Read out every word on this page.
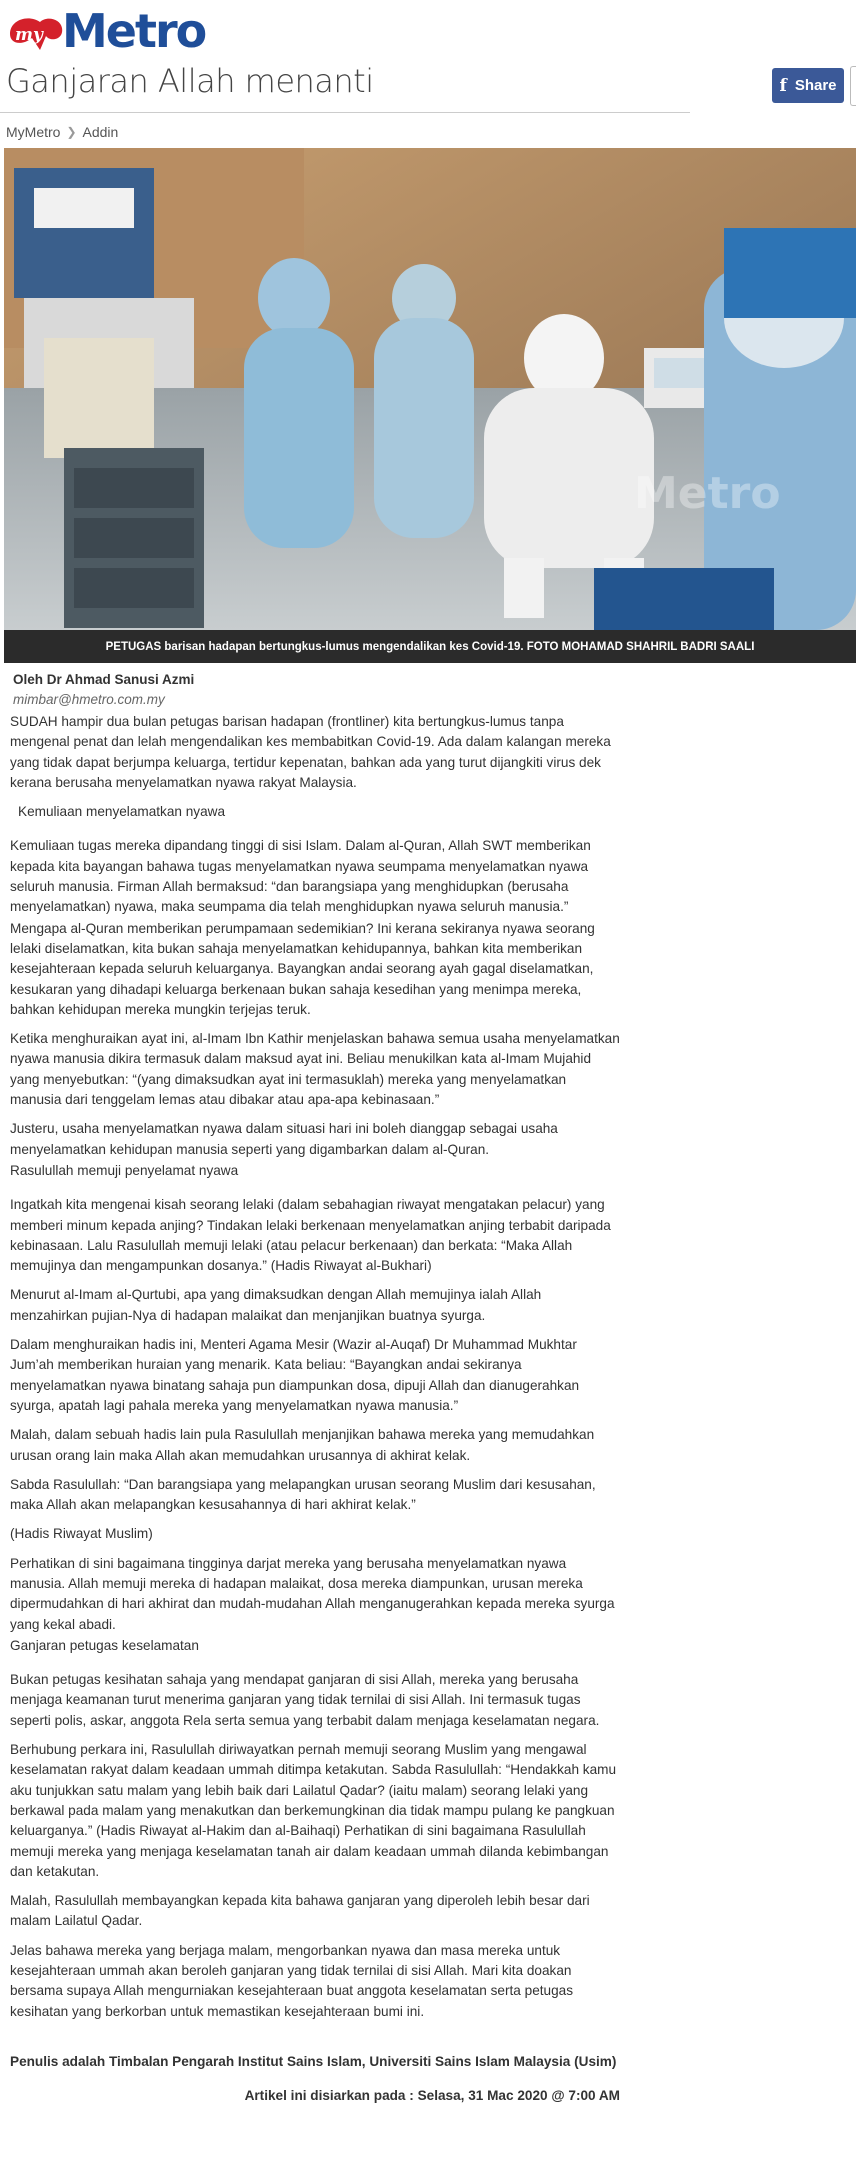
my Metro
Ganjaran Allah menanti	f Share
MyMetro ❯ Addin
Metro
PETUGAS barisan hadapan bertungkus-lumus mengendalikan kes Covid-19. FOTO MOHAMAD SHAHRIL BADRI SAALI
Oleh Dr Ahmad Sanusi Azmi
mimbar@hmetro.com.my

SUDAH hampir dua bulan petugas barisan hadapan (frontliner) kita bertungkus-lumus tanpa mengenal penat dan lelah mengendalikan kes membabitkan Covid-19. Ada dalam kalangan mereka yang tidak dapat berjumpa keluarga, tertidur kepenatan, bahkan ada yang turut dijangkiti virus dek kerana berusaha menyelamatkan nyawa rakyat Malaysia.

Kemuliaan menyelamatkan nyawa

Kemuliaan tugas mereka dipandang tinggi di sisi Islam. Dalam al-Quran, Allah SWT memberikan kepada kita bayangan bahawa tugas menyelamatkan nyawa seumpama menyelamatkan nyawa seluruh manusia. Firman Allah bermaksud: “dan barangsiapa yang menghidupkan (berusaha menyelamatkan) nyawa, maka seumpama dia telah menghidupkan nyawa seluruh manusia.”

Mengapa al-Quran memberikan perumpamaan sedemikian? Ini kerana sekiranya nyawa seorang lelaki diselamatkan, kita bukan sahaja menyelamatkan kehidupannya, bahkan kita memberikan kesejahteraan kepada seluruh keluarganya. Bayangkan andai seorang ayah gagal diselamatkan, kesukaran yang dihadapi keluarga berkenaan bukan sahaja kesedihan yang menimpa mereka, bahkan kehidupan mereka mungkin terjejas teruk.

Ketika menghuraikan ayat ini, al-Imam Ibn Kathir menjelaskan bahawa semua usaha menyelamatkan nyawa manusia dikira termasuk dalam maksud ayat ini. Beliau menukilkan kata al-Imam Mujahid yang menyebutkan: “(yang dimaksudkan ayat ini termasuklah) mereka yang menyelamatkan manusia dari tenggelam lemas atau dibakar atau apa-apa kebinasaan.”

Justeru, usaha menyelamatkan nyawa dalam situasi hari ini boleh dianggap sebagai usaha menyelamatkan kehidupan manusia seperti yang digambarkan dalam al-Quran.

Rasulullah memuji penyelamat nyawa

Ingatkah kita mengenai kisah seorang lelaki (dalam sebahagian riwayat mengatakan pelacur) yang memberi minum kepada anjing? Tindakan lelaki berkenaan menyelamatkan anjing terbabit daripada kebinasaan. Lalu Rasulullah memuji lelaki (atau pelacur berkenaan) dan berkata: “Maka Allah memujinya dan mengampunkan dosanya.” (Hadis Riwayat al-Bukhari)

Menurut al-Imam al-Qurtubi, apa yang dimaksudkan dengan Allah memujinya ialah Allah menzahirkan pujian-Nya di hadapan malaikat dan menjanjikan buatnya syurga.

Dalam menghuraikan hadis ini, Menteri Agama Mesir (Wazir al-Auqaf) Dr Muhammad Mukhtar Jum’ah memberikan huraian yang menarik. Kata beliau: “Bayangkan andai sekiranya menyelamatkan nyawa binatang sahaja pun diampunkan dosa, dipuji Allah dan dianugerahkan syurga, apatah lagi pahala mereka yang menyelamatkan nyawa manusia.”

Malah, dalam sebuah hadis lain pula Rasulullah menjanjikan bahawa mereka yang memudahkan urusan orang lain maka Allah akan memudahkan urusannya di akhirat kelak.

Sabda Rasulullah: “Dan barangsiapa yang melapangkan urusan seorang Muslim dari kesusahan, maka Allah akan melapangkan kesusahannya di hari akhirat kelak.”

(Hadis Riwayat Muslim)

Perhatikan di sini bagaimana tingginya darjat mereka yang berusaha menyelamatkan nyawa manusia. Allah memuji mereka di hadapan malaikat, dosa mereka diampunkan, urusan mereka dipermudahkan di hari akhirat dan mudah-mudahan Allah menganugerahkan kepada mereka syurga yang kekal abadi.

Ganjaran petugas keselamatan

Bukan petugas kesihatan sahaja yang mendapat ganjaran di sisi Allah, mereka yang berusaha menjaga keamanan turut menerima ganjaran yang tidak ternilai di sisi Allah. Ini termasuk tugas seperti polis, askar, anggota Rela serta semua yang terbabit dalam menjaga keselamatan negara.

Berhubung perkara ini, Rasulullah diriwayatkan pernah memuji seorang Muslim yang mengawal keselamatan rakyat dalam keadaan ummah ditimpa ketakutan. Sabda Rasulullah: “Hendakkah kamu aku tunjukkan satu malam yang lebih baik dari Lailatul Qadar? (iaitu malam) seorang lelaki yang berkawal pada malam yang menakutkan dan berkemungkinan dia tidak mampu pulang ke pangkuan keluarganya.” (Hadis Riwayat al-Hakim dan al-Baihaqi) Perhatikan di sini bagaimana Rasulullah memuji mereka yang menjaga keselamatan tanah air dalam keadaan ummah dilanda kebimbangan dan ketakutan.

Malah, Rasulullah membayangkan kepada kita bahawa ganjaran yang diperoleh lebih besar dari malam Lailatul Qadar.

Jelas bahawa mereka yang berjaga malam, mengorbankan nyawa dan masa mereka untuk kesejahteraan ummah akan beroleh ganjaran yang tidak ternilai di sisi Allah. Mari kita doakan bersama supaya Allah mengurniakan kesejahteraan buat anggota keselamatan serta petugas kesihatan yang berkorban untuk memastikan kesejahteraan bumi ini.

Penulis adalah Timbalan Pengarah Institut Sains Islam, Universiti Sains Islam Malaysia (Usim)

Artikel ini disiarkan pada : Selasa, 31 Mac 2020 @ 7:00 AM
